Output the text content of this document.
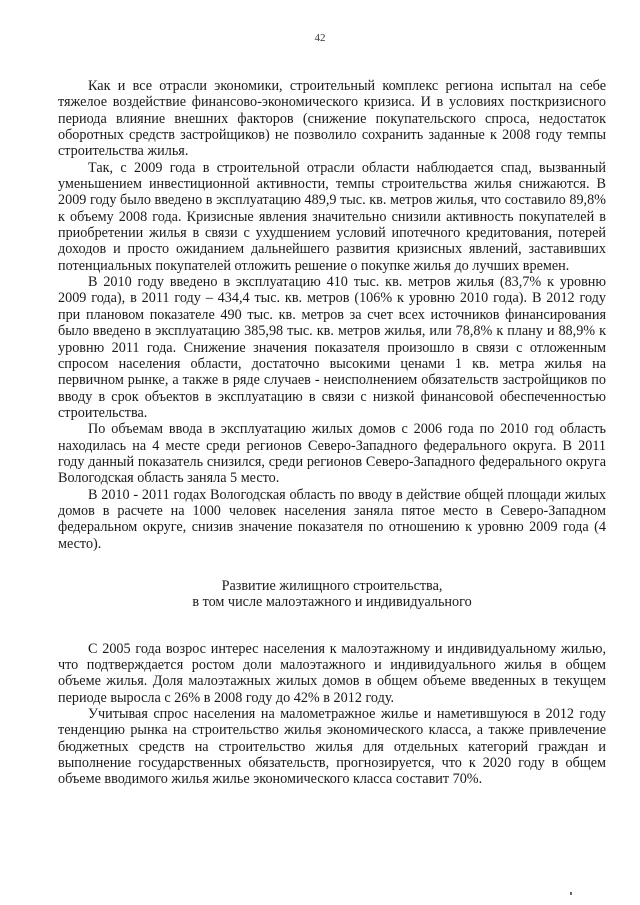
42

Как и все отрасли экономики, строительный комплекс региона испытал на себе тяжелое воздействие финансово-экономического кризиса. И в условиях посткризисного периода влияние внешних факторов (снижение покупательского спроса, недостаток оборотных средств застройщиков) не позволило сохранить заданные к 2008 году темпы строительства жилья.

Так, с 2009 года в строительной отрасли области наблюдается спад, вызванный уменьшением инвестиционной активности, темпы строительства жилья снижаются. В 2009 году было введено в эксплуатацию 489,9 тыс. кв. метров жилья, что составило 89,8% к объему 2008 года. Кризисные явления значительно снизили активность покупателей в приобретении жилья в связи с ухудшением условий ипотечного кредитования, потерей доходов и просто ожиданием дальнейшего развития кризисных явлений, заставивших потенциальных покупателей отложить решение о покупке жилья до лучших времен.

В 2010 году введено в эксплуатацию 410 тыс. кв. метров жилья (83,7% к уровню 2009 года), в 2011 году – 434,4 тыс. кв. метров (106% к уровню 2010 года). В 2012 году при плановом показателе 490 тыс. кв. метров за счет всех источников финансирования было введено в эксплуатацию 385,98 тыс. кв. метров жилья, или 78,8% к плану и 88,9% к уровню 2011 года. Снижение значения показателя произошло в связи с отложенным спросом населения области, достаточно высокими ценами 1 кв. метра жилья на первичном рынке, а также в ряде случаев - неисполнением обязательств застройщиков по вводу в срок объектов в эксплуатацию в связи с низкой финансовой обеспеченностью строительства.

По объемам ввода в эксплуатацию жилых домов с 2006 года по 2010 год область находилась на 4 месте среди регионов Северо-Западного федерального округа. В 2011 году данный показатель снизился, среди регионов Северо-Западного федерального округа Вологодская область заняла 5 место.

В 2010 - 2011 годах Вологодская область по вводу в действие общей площади жилых домов в расчете на 1000 человек населения заняла пятое место в Северо-Западном федеральном округе, снизив значение показателя по отношению к уровню 2009 года (4 место).

Развитие жилищного строительства,
в том числе малоэтажного и индивидуального

С 2005 года возрос интерес населения к малоэтажному и индивидуальному жилью, что подтверждается ростом доли малоэтажного и индивидуального жилья в общем объеме жилья. Доля малоэтажных жилых домов в общем объеме введенных в текущем периоде выросла с 26% в 2008 году до 42% в 2012 году.

Учитывая спрос населения на малометражное жилье и наметившуюся в 2012 году тенденцию рынка на строительство жилья экономического класса, а также привлечение бюджетных средств на строительство жилья для отдельных категорий граждан и выполнение государственных обязательств, прогнозируется, что к 2020 году в общем объеме вводимого жилья жилье экономического класса составит 70%.
